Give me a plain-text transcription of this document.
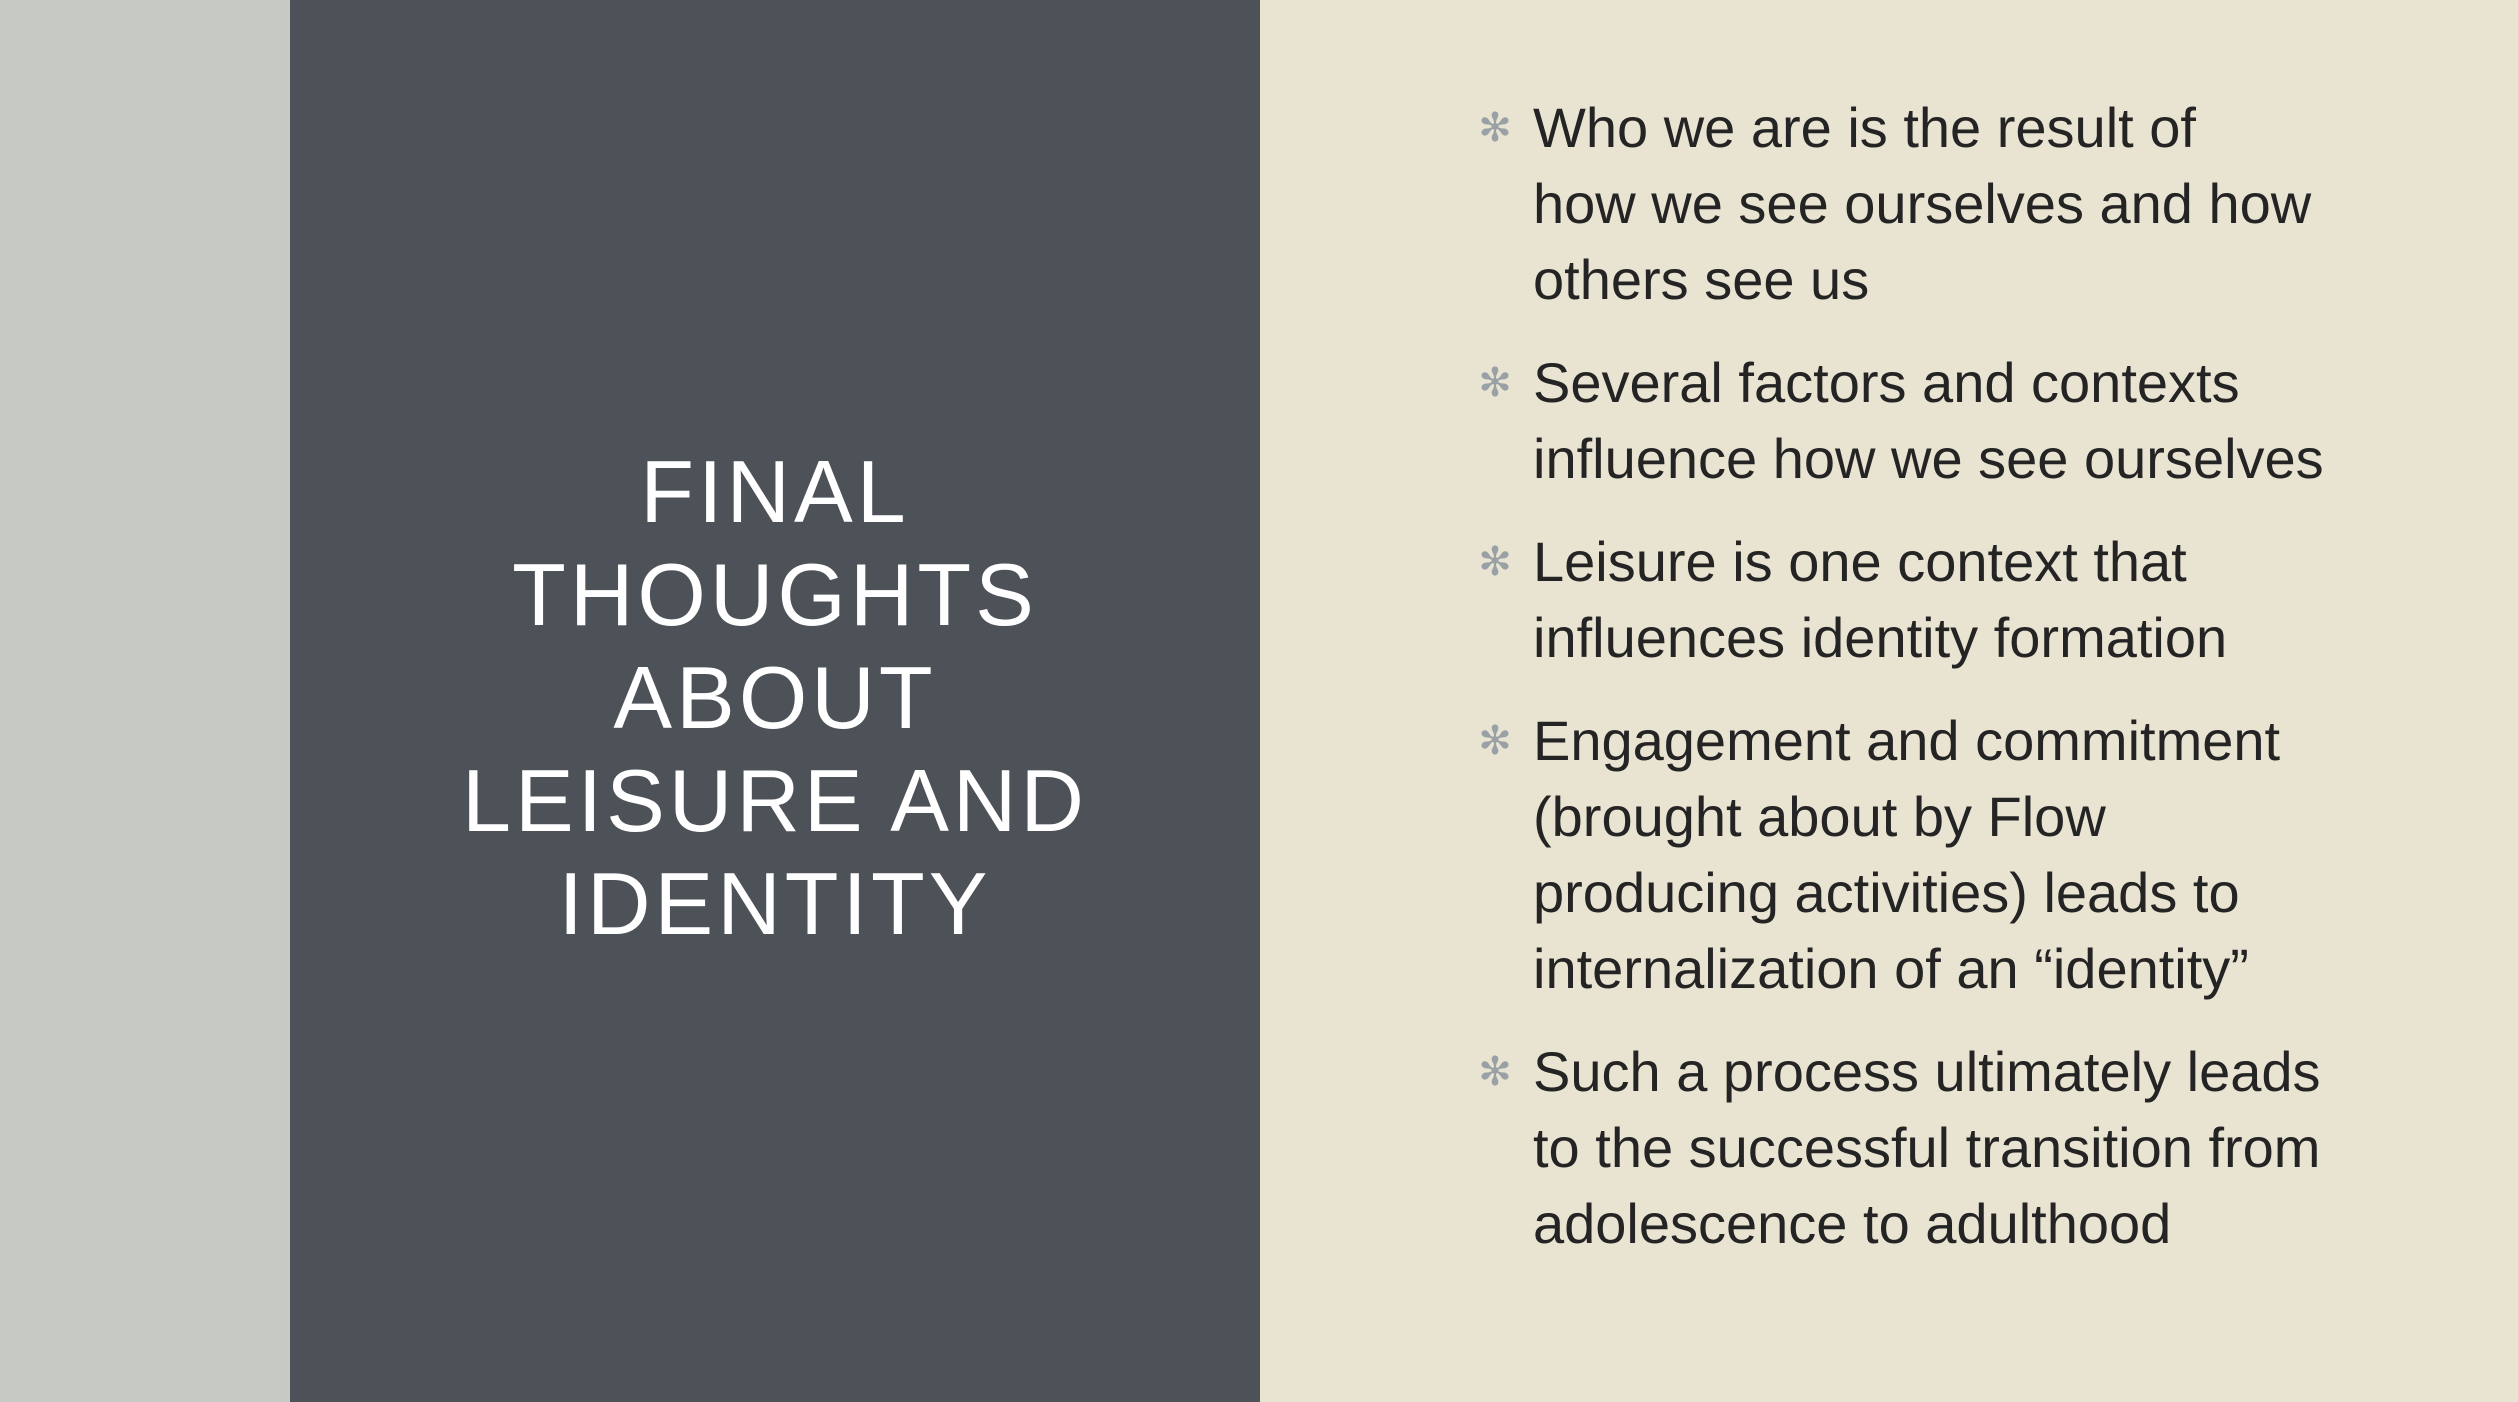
FINAL
THOUGHTS
ABOUT
LEISURE AND
IDENTITY
✻ Who we are is the result of
how we see ourselves and how
others see us
✻ Several factors and contexts
influence how we see ourselves
✻ Leisure is one context that
influences identity formation
✻ Engagement and commitment
(brought about by Flow
producing activities) leads to
internalization of an “identity”
✻ Such a process ultimately leads
to the successful transition from
adolescence to adulthood
